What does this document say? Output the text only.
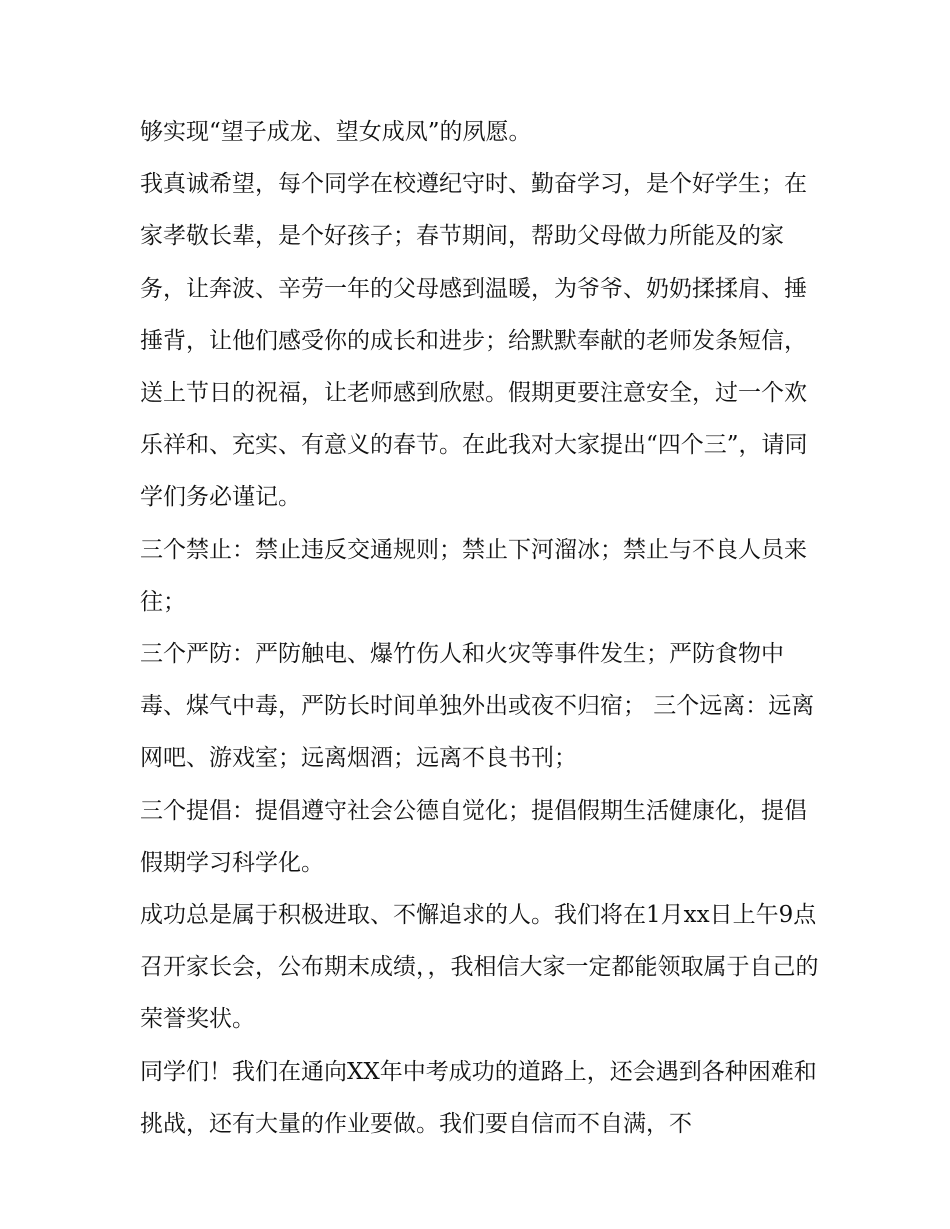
够实现“望子成龙、望女成凤”的夙愿。

我真诚希望，每个同学在校遵纪守时、勤奋学习，是个好学生；在家孝敬长辈，是个好孩子；春节期间，帮助父母做力所能及的家务，让奔波、辛劳一年的父母感到温暖，为爷爷、奶奶揉揉肩、捶捶背，让他们感受你的成长和进步；给默默奉献的老师发条短信，送上节日的祝福，让老师感到欣慰。假期更要注意安全，过一个欢乐祥和、充实、有意义的春节。在此我对大家提出“四个三”，请同学们务必谨记。

三个禁止：禁止违反交通规则；禁止下河溜冰；禁止与不良人员来往；

三个严防：严防触电、爆竹伤人和火灾等事件发生；严防食物中毒、煤气中毒，严防长时间单独外出或夜不归宿； 三个远离：远离网吧、游戏室；远离烟酒；远离不良书刊；

三个提倡：提倡遵守社会公德自觉化；提倡假期生活健康化，提倡假期学习科学化。

成功总是属于积极进取、不懈追求的人。我们将在1月xx日上午9点召开家长会，公布期末成绩，，我相信大家一定都能领取属于自己的荣誉奖状。

同学们！我们在通向XX年中考成功的道路上，还会遇到各种困难和挑战，还有大量的作业要做。我们要自信而不自满，不
